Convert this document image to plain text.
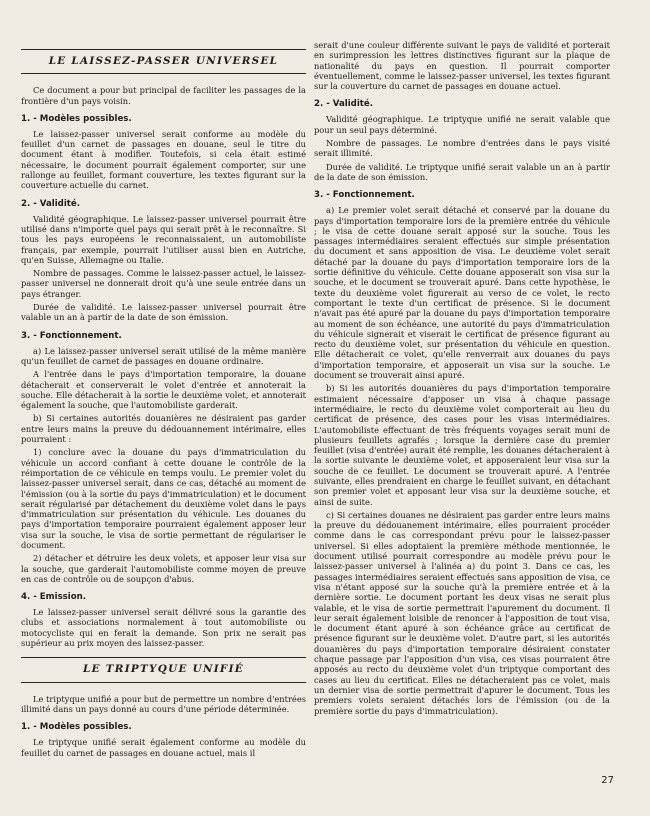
LE LAISSEZ-PASSER UNIVERSEL

Ce document a pour but principal de faciliter les passages de la frontière d'un pays voisin.

1. - Modèles possibles.

Le laissez-passer universel serait conforme au modèle du feuillet d'un carnet de passages en douane, seul le titre du document étant à modifier. Toutefois, si cela était estimé nécessaire, le document pourrait également comporter, sur une rallonge au feuillet, formant couverture, les textes figurant sur la couverture actuelle du carnet.

2. - Validité.

Validité géographique. Le laissez-passer universel pourrait être utilisé dans n'importe quel pays qui serait prêt à le reconnaître. Si tous les pays européens le reconnaissaient, un automobiliste français, par exemple, pourrait l'utiliser aussi bien en Autriche, qu'en Suisse, Allemagne ou Italie.

Nombre de passages. Comme le laissez-passer actuel, le laissez-passer universel ne donnerait droit qu'à une seule entrée dans un pays étranger.

Durée de validité. Le laissez-passer universel pourrait être valable un an à partir de la date de son émission.

3. - Fonctionnement.

a) Le laissez-passer universel serait utilisé de la même manière qu'un feuillet de carnet de passages en douane ordinaire.

A l'entrée dans le pays d'importation temporaire, la douane détacherait et conserverait le volet d'entrée et annoterait la souche. Elle détacherait à la sortie le deuxième volet, et annoterait également la souche, que l'automobiliste garderait.

b) Si certaines autorités douanières ne désiraient pas garder entre leurs mains la preuve du dédouannement intérimaire, elles pourraient :

1) conclure avec la douane du pays d'immatriculation du véhicule un accord confiant à cette douane le contrôle de la réimportation de ce véhicule en temps voulu. Le premier volet du laissez-passer universel serait, dans ce cas, détaché au moment de l'émission (ou à la sortie du pays d'immatriculation) et le document serait régularisé par détachement du deuxième volet dans le pays d'immatriculation sur présentation du véhicule. Les douanes du pays d'importation temporaire pourraient également apposer leur visa sur la souche, le visa de sortie permettant de régulariser le document.

2) détacher et détruire les deux volets, et apposer leur visa sur la souche, que garderait l'automobiliste comme moyen de preuve en cas de contrôle ou de soupçon d'abus.

4. - Emission.

Le laissez-passer universel serait délivré sous la garantie des clubs et associations normalement à tout automobiliste ou motocycliste qui en ferait la demande. Son prix ne serait pas supérieur au prix moyen des laissez-passer.

LE TRIPTYQUE UNIFIÉ

Le triptyque unifié a pour but de permettre un nombre d'entrées illimité dans un pays donné au cours d'une période déterminée.

1. - Modèles possibles.

Le triptyque unifié serait également conforme au modèle du feuillet du carnet de passages en douane actuel, mais il

serait d'une couleur différente suivant le pays de validité et porterait en surimpression les lettres distinctives figurant sur la plaque de nationalité du pays en question. Il pourrait comporter éventuellement, comme le laissez-passer universel, les textes figurant sur la couverture du carnet de passages en douane actuel.

2. - Validité.

Validité géographique. Le triptyque unifié ne serait valable que pour un seul pays déterminé.

Nombre de passages. Le nombre d'entrées dans le pays visité serait illimité.

Durée de validité. Le triptyque unifié serait valable un an à partir de la date de son émission.

3. - Fonctionnement.

a) Le premier volet serait détaché et conservé par la douane du pays d'importation temporaire lors de la première entrée du véhicule ; le visa de cette douane serait apposé sur la souche. Tous les passages intermédiaires seraient effectués sur simple présentation du document et sans apposition de visa. Le deuxième volet serait détaché par la douane du pays d'importation temporaire lors de la sortie définitive du véhicule. Cette douane apposerait son visa sur la souche, et le document se trouverait apuré. Dans cette hypothèse, le texte du deuxième volet figurerait au verso de ce volet, le recto comportant le texte d'un certificat de présence. Si le document n'avait pas été apuré par la douane du pays d'importation temporaire au moment de son échéance, une autorité du pays d'immatriculation du véhicule signerait et viserait le certificat de présence figurant au recto du deuxième volet, sur présentation du véhicule en question. Elle détacherait ce volet, qu'elle renverrait aux douanes du pays d'importation temporaire, et apposerait un visa sur la souche. Le document se trouverait ainsi apuré.

b) Si les autorités douanières du pays d'importation temporaire estimaient nécessaire d'apposer un visa à chaque passage intermédiaire, le recto du deuxième volet comporterait au lieu du certificat de présence, des cases pour les visas intermédiaires. L'automobiliste effectuant de très fréquents voyages serait muni de plusieurs feuillets agrafés ; lorsque la dernière case du premier feuillet (visa d'entrée) aurait été remplie, les douanes détacheraient à la sortie suivante le deuxième volet, et apposeraient leur visa sur la souche de ce feuillet. Le document se trouverait apuré. A l'entrée suivante, elles prendraient en charge le feuillet suivant, en détachant son premier volet et apposant leur visa sur la deuxième souche, et ainsi de suite.

c) Si certaines douanes ne désiraient pas garder entre leurs mains la preuve du dédouanement intérimaire, elles pourraient procéder comme dans le cas correspondant prévu pour le laissez-passer universel. Si elles adoptaient la première méthode mentionnée, le document utilisé pourrait correspondre au modèle prévu pour le laissez-passer universel à l'alinéa a) du point 3. Dans ce cas, les passages intermédiaires seraient effectués sans apposition de visa, ce visa n'étant apposé sur la souche qu'à la première entrée et à la dernière sortie. Le document portant les deux visas ne serait plus valable, et le visa de sortie permettrait l'apurement du document. Il leur serait également loisible de renoncer à l'apposition de tout visa, le document étant apuré à son échéance grâce au certificat de présence figurant sur le deuxième volet. D'autre part, si les autorités douanières du pays d'importation temporaire désiraient constater chaque passage par l'apposition d'un visa, ces visas pourraient être apposés au recto du deuxième volet d'un triptyque comportant des cases au lieu du certificat. Elles ne détacheraient pas ce volet, mais un dernier visa de sortie permettrait d'apurer le document. Tous les premiers volets seraient détachés lors de l'émission (ou de la première sortie du pays d'immatriculation).

27
